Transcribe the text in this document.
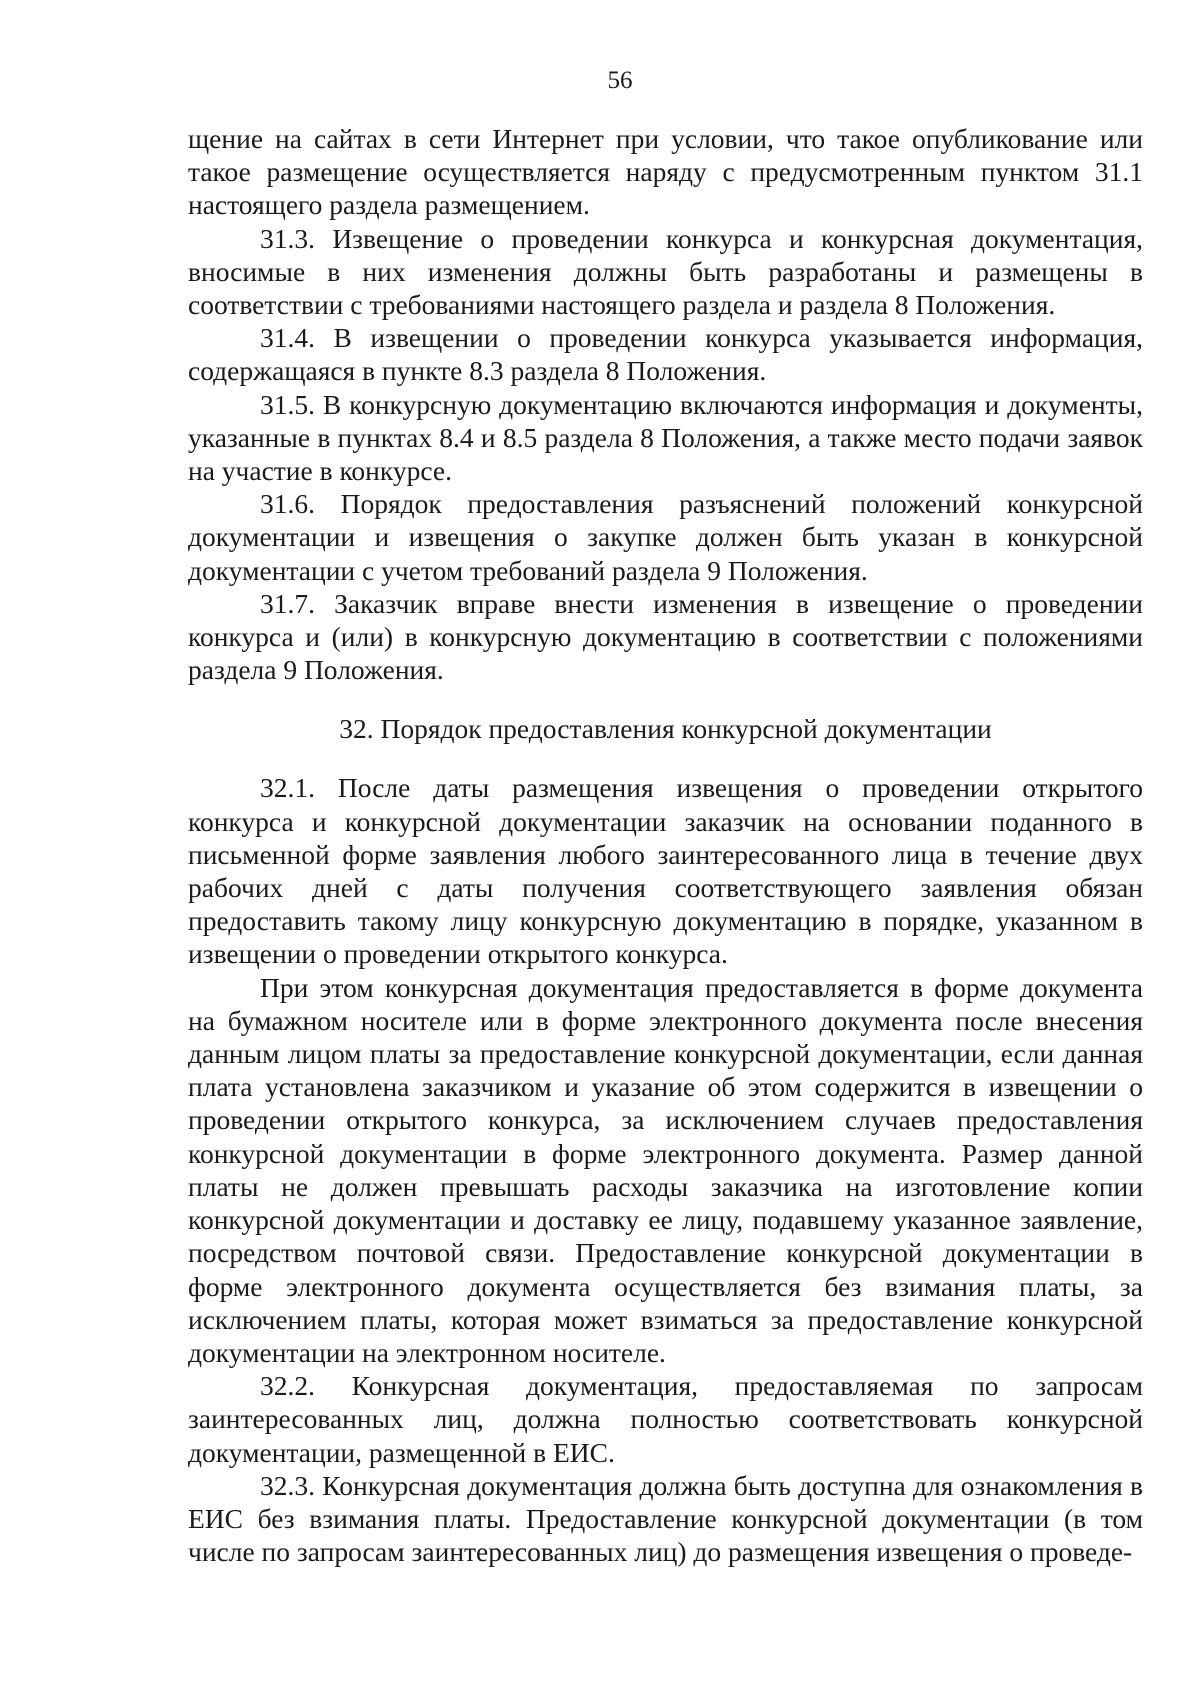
56

щение на сайтах в сети Интернет при условии, что такое опубликование или такое размещение осуществляется наряду с предусмотренным пунктом 31.1 настоящего раздела размещением.

31.3. Извещение о проведении конкурса и конкурсная документация, вносимые в них изменения должны быть разработаны и размещены в соответствии с требованиями настоящего раздела и раздела 8 Положения.

31.4. В извещении о проведении конкурса указывается информация, содержащаяся в пункте 8.3 раздела 8 Положения.

31.5. В конкурсную документацию включаются информация и документы, указанные в пунктах 8.4 и 8.5 раздела 8 Положения, а также место подачи заявок на участие в конкурсе.

31.6. Порядок предоставления разъяснений положений конкурсной документации и извещения о закупке должен быть указан в конкурсной документации с учетом требований раздела 9 Положения.

31.7. Заказчик вправе внести изменения в извещение о проведении конкурса и (или) в конкурсную документацию в соответствии с положениями раздела 9 Положения.

32. Порядок предоставления конкурсной документации

32.1. После даты размещения извещения о проведении открытого конкурса и конкурсной документации заказчик на основании поданного в письменной форме заявления любого заинтересованного лица в течение двух рабочих дней с даты получения соответствующего заявления обязан предоставить такому лицу конкурсную документацию в порядке, указанном в извещении о проведении открытого конкурса.

При этом конкурсная документация предоставляется в форме документа на бумажном носителе или в форме электронного документа после внесения данным лицом платы за предоставление конкурсной документации, если данная плата установлена заказчиком и указание об этом содержится в извещении о проведении открытого конкурса, за исключением случаев предоставления конкурсной документации в форме электронного документа. Размер данной платы не должен превышать расходы заказчика на изготовление копии конкурсной документации и доставку ее лицу, подавшему указанное заявление, посредством почтовой связи. Предоставление конкурсной документации в форме электронного документа осуществляется без взимания платы, за исключением платы, которая может взиматься за предоставление конкурсной документации на электронном носителе.

32.2. Конкурсная документация, предоставляемая по запросам заинтересованных лиц, должна полностью соответствовать конкурсной документации, размещенной в ЕИС.

32.3. Конкурсная документация должна быть доступна для ознакомления в ЕИС без взимания платы. Предоставление конкурсной документации (в том числе по запросам заинтересованных лиц) до размещения извещения о проведе-
